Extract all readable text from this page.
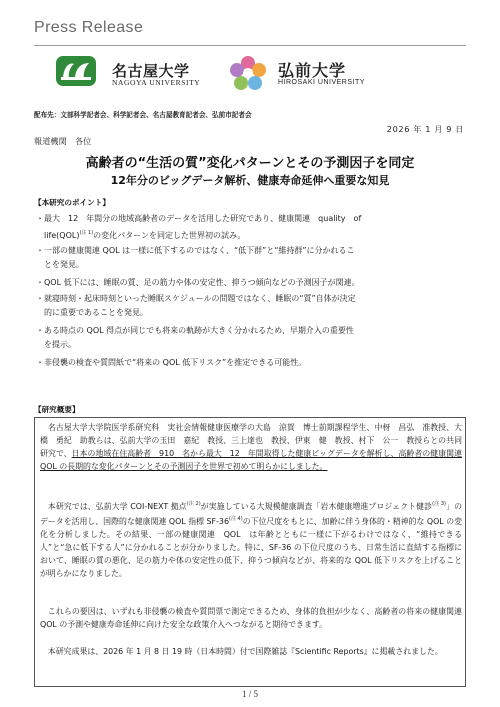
Press Release
名古屋大学
NAGOYA UNIVERSITY
弘前大学
HIROSAKI UNIVERSITY
配布先：文部科学記者会、科学記者会、名古屋教育記者会、弘前市記者会
2026 年 1 月 9 日
報道機関　各位
高齢者の“生活の質”変化パターンとその予測因子を同定
12年分のビッグデータ解析、健康寿命延伸へ重要な知見
【本研究のポイント】
・最大　12　年間分の地域高齢者のデータを活用した研究であり、健康関連　quality　of
life(QOL)$^{(注 1)}$の変化パターンを同定した世界初の試み。
・一部の健康関連 QOL は一様に低下するのではなく、“低下群”と“維持群”に分かれるこ
とを発見。
・QOL 低下には、睡眠の質、足の筋力や体の安定性、抑うつ傾向などの予測因子が関連。
・就寝時刻・起床時刻といった睡眠スケジュールの問題ではなく、睡眠の“質”自体が決定
的に重要であることを発見。
・ある時点の QOL 得点が同じでも将来の軌跡が大きく分かれるため、早期介入の重要性
を提示。
・非侵襲の検査や質問紙で“将来の QOL 低下リスク”を推定できる可能性。
【研究概要】
名古屋大学大学院医学系研究科　実社会情報健康医療学の大島　涼賀　博士前期課程学生、中枒　昌弘　准教授、大橋　勇紀　助教らは、弘前大学の玉田　嘉紀　教授、三上達也　教授、伊東　健　教授、村下　公一　教授らとの共同研究で、日本の地域在住高齢者　910　名から最大　12　年間取得した健康ビッグデータを解析し、高齢者の健康関連 QOL の長期的な変化パターンとその予測因子を世界で初めて明らかにしました。
本研究では、弘前大学 COI-NEXT 拠点$^{(注 2)}$が実施している大規模健康調査「岩木健康増進プロジェクト健診$^{(注 3)}$」のデータを活用し、国際的な健康関連 QOL 指標 $SF-36^{(注 4)}$の下位尺度をもとに、加齢に伴う身体的・精神的な QOL の変化を分析しました。その結果、一部の健康関連　QOL　は年齢とともに一様に下がるわけではなく、“維持できる人”と“急に低下する人”に分かれることが分かりました。特に、SF-36 の下位尺度のうち、日常生活に直結する指標において、睡眠の質の悪化、足の筋力や体の安定性の低下、抑うつ傾向などが、将来的な QOL 低下リスクを上げることが明らかになりました。
これらの要因は、いずれも非侵襲の検査や質問票で測定できるため、身体的負担が少なく、高齢者の将来の健康関連 QOL の予測や健康寿命延伸に向けた安全な政策介入へつながると期待できます。
本研究成果は、2026 年 1 月 8 日 19 時（日本時間）付で国際雑誌『Scientific Reports』に掲載されました。
1 / 5
